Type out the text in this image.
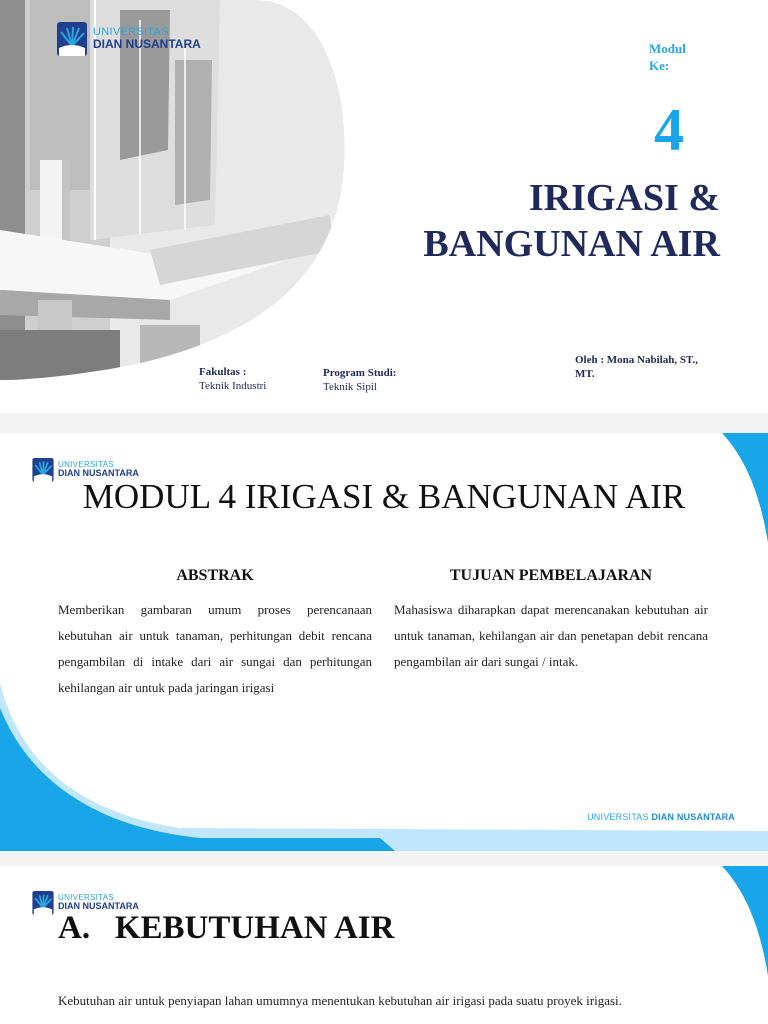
UNIVERSITAS
DIAN NUSANTARA	Modul Ke:
4
IRIGASI &
BANGUNAN AIR
Fakultas :
Teknik Industri
Program Studi:
Teknik Sipil
Oleh : Mona Nabilah, ST., MT.
UNIVERSITAS
DIAN NUSANTARA
MODUL 4 IRIGASI & BANGUNAN AIR
ABSTRAK

Memberikan gambaran umum proses perencanaan kebutuhan air untuk tanaman, perhitungan debit rencana pengambilan di intake dari air sungai dan perhitungan kehilangan air untuk pada jaringan irigasi

TUJUAN PEMBELAJARAN

Mahasiswa diharapkan dapat merencanakan kebutuhan air untuk tanaman, kehilangan air dan penetapan debit rencana pengambilan air dari sungai / intak.

UNIVERSITAS DIAN NUSANTARA
UNIVERSITAS
DIAN NUSANTARA
A.   KEBUTUHAN AIR

Kebutuhan air untuk penyiapan lahan umumnya menentukan kebutuhan air irigasi pada suatu proyek irigasi.
